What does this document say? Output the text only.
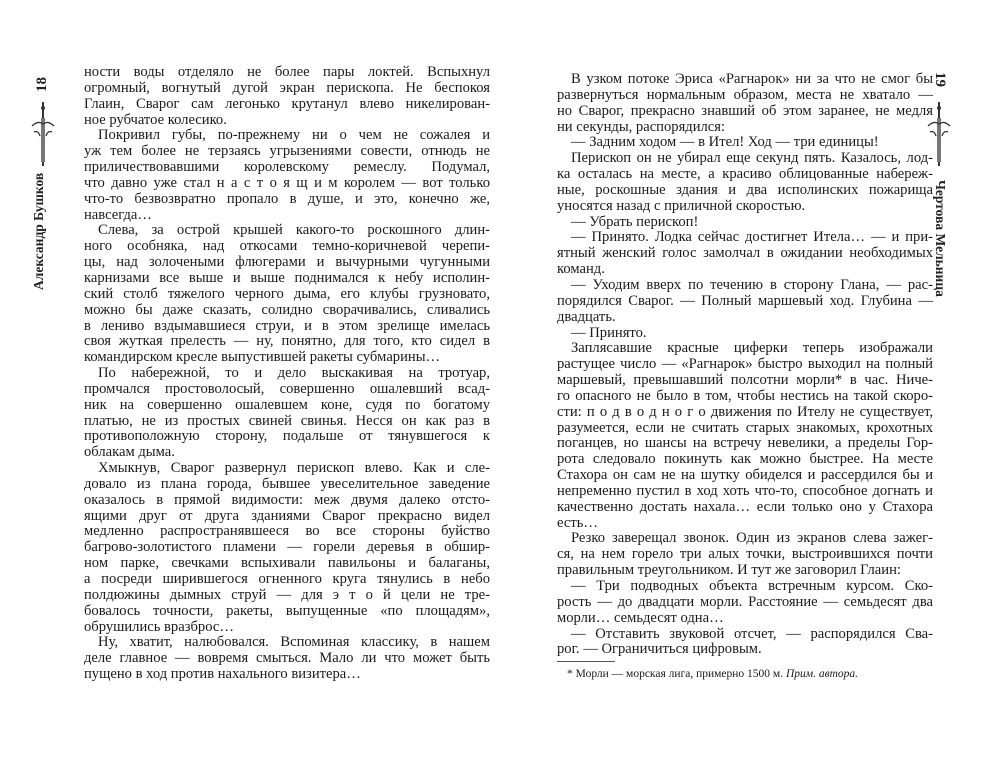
18
Александр Бушков
19
Чертова Мельница
ности воды отделяло не более пары локтей. Вспыхнул
огромный, вогнутый дугой экран перископа. Не беспокоя
Глаин, Сварог сам легонько крутанул влево никелирован-
ное рубчатое колесико.
Покривил губы, по-прежнему ни о чем не сожалея и
уж тем более не терзаясь угрызениями совести, отнюдь не
приличествовавшими королевскому ремеслу. Подумал,
что давно уже стал н а с т о я щ и м королем — вот только
что-то безвозвратно пропало в душе, и это, конечно же,
навсегда…
Слева, за острой крышей какого-то роскошного длин-
ного особняка, над откосами темно-коричневой черепи-
цы, над золочеными флюгерами и вычурными чугунными
карнизами все выше и выше поднимался к небу исполин-
ский столб тяжелого черного дыма, его клубы грузновато,
можно бы даже сказать, солидно сворачивались, сливались
в лениво вздымавшиеся струи, и в этом зрелище имелась
своя жуткая прелесть — ну, понятно, для того, кто сидел в
командирском кресле выпустившей ракеты субмарины…
По набережной, то и дело выскакивая на тротуар,
промчался простоволосый, совершенно ошалевший всад-
ник на совершенно ошалевшем коне, судя по богатому
платью, не из простых свиней свинья. Несся он как раз в
противоположную сторону, подальше от тянувшегося к
облакам дыма.
Хмыкнув, Сварог развернул перископ влево. Как и сле-
довало из плана города, бывшее увеселительное заведение
оказалось в прямой видимости: меж двумя далеко отсто-
ящими друг от друга зданиями Сварог прекрасно видел
медленно распространявшееся во все стороны буйство
багрово-золотистого пламени — горели деревья в обшир-
ном парке, свечками вспыхивали павильоны и балаганы,
а посреди ширившегося огненного круга тянулись в небо
полдюжины дымных струй — для э т о й цели не тре-
бовалось точности, ракеты, выпущенные «по площадям»,
обрушились вразброс…
Ну, хватит, налюбовался. Вспоминая классику, в нашем
деле главное — вовремя смыться. Мало ли что может быть
пущено в ход против нахального визитера…
В узком потоке Эриса «Рагнарок» ни за что не смог бы
развернуться нормальным образом, места не хватало —
но Сварог, прекрасно знавший об этом заранее, не медля
ни секунды, распорядился:
— Задним ходом — в Ител! Ход — три единицы!
Перископ он не убирал еще секунд пять. Казалось, лод-
ка осталась на месте, а красиво облицованные набереж-
ные, роскошные здания и два исполинских пожарища
уносятся назад с приличной скоростью.
— Убрать перископ!
— Принято. Лодка сейчас достигнет Итела… — и при-
ятный женский голос замолчал в ожидании необходимых
команд.
— Уходим вверх по течению в сторону Глана, — рас-
порядился Сварог. — Полный маршевый ход. Глубина —
двадцать.
— Принято.
Заплясавшие красные циферки теперь изображали
растущее число — «Рагнарок» быстро выходил на полный
маршевый, превышавший полсотни морли* в час. Ниче-
го опасного не было в том, чтобы нестись на такой скоро-
сти: п о д в о д н о г о движения по Ителу не существует,
разумеется, если не считать старых знакомых, крохотных
поганцев, но шансы на встречу невелики, а пределы Гор-
рота следовало покинуть как можно быстрее. На месте
Стахора он сам не на шутку обиделся и рассердился бы и
непременно пустил в ход хоть что-то, способное догнать и
качественно достать нахала… если только оно у Стахора
есть…
Резко заверещал звонок. Один из экранов слева зажег-
ся, на нем горело три алых точки, выстроившихся почти
правильным треугольником. И тут же заговорил Глаин:
— Три подводных объекта встречным курсом. Ско-
рость — до двадцати морли. Расстояние — семьдесят два
морли… семьдесят одна…
— Отставить звуковой отсчет, — распорядился Сва-
рог. — Ограничиться цифровым.
* Морли — морская лига, примерно 1500 м. Прим. автора.
